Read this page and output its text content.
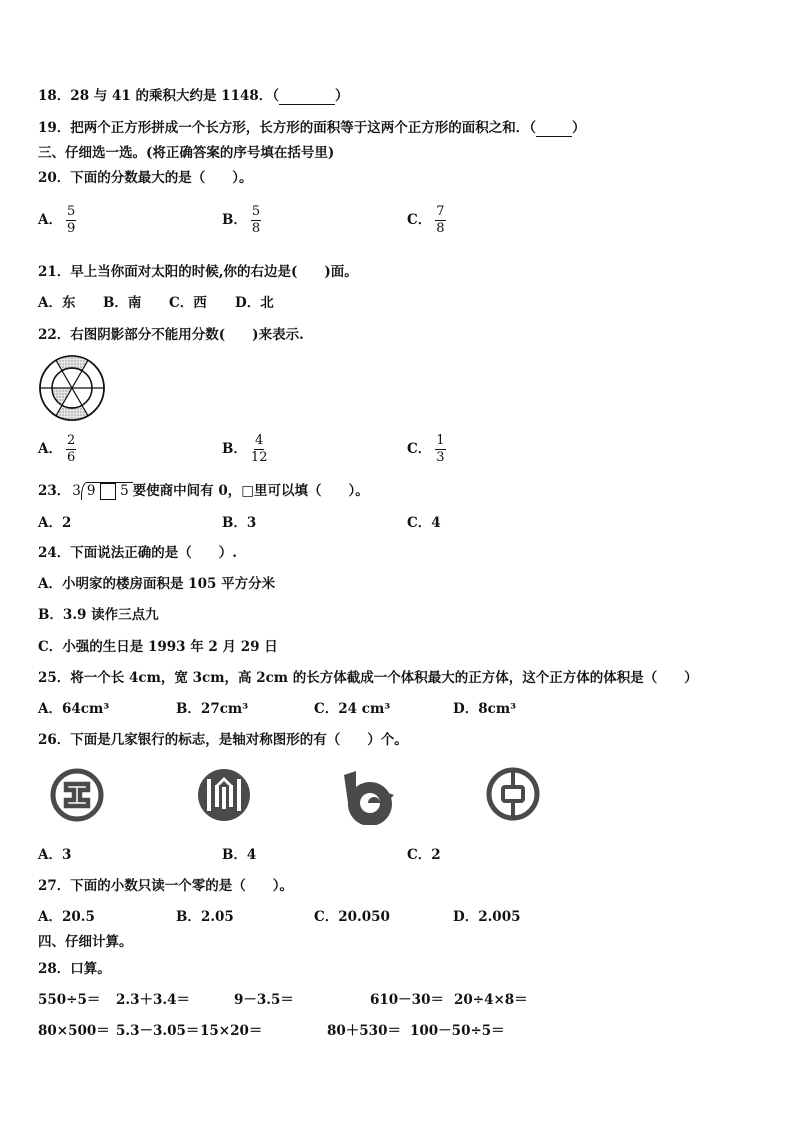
18．28 与 41 的乘积大约是 1148．（	）
19．把两个正方形拼成一个长方形，长方形的面积等于这两个正方形的面积之和．（	）
三、仔细选一选。(将正确答案的序号填在括号里)
20．下面的分数最大的是（　　）。
A． $\frac{5}{9}$	B． $\frac{5}{8}$	C． $\frac{7}{8}$
21．早上当你面对太阳的时候,你的右边是(　　)面。
A．东 B．南 C．西 D．北
22．右图阴影部分不能用分数(　　)来表示.
A． $\frac{2}{6}$	B． $\frac{4}{12}$	C． $\frac{1}{3}$
23． 3 9 5 要使商中间有 0，□里可以填（　　）。
A．2	B．3	C．4
24．下面说法正确的是（　　）.
A．小明家的楼房面积是 105 平方分米
B．3.9 读作三点九
C．小强的生日是 1993 年 2 月 29 日
25．将一个长 4cm，宽 3cm，高 2cm 的长方体截成一个体积最大的正方体，这个正方体的体积是（　　）
A．64cm³	B．27cm³	C．24 cm³	D．8cm³
26．下面是几家银行的标志，是轴对称图形的有（　　）个。
A．3	B．4	C．2
27．下面的小数只读一个零的是（　　）。
A．20.5	B．2.05	C．20.050	D．2.005
四、仔细计算。
28．口算。
550÷5＝ 2.3＋3.4＝	9－3.5＝	610－30＝ 20÷4×8＝
80×500＝ 5.3－3.05＝ 15×20＝	80＋530＝ 100－50÷5＝
